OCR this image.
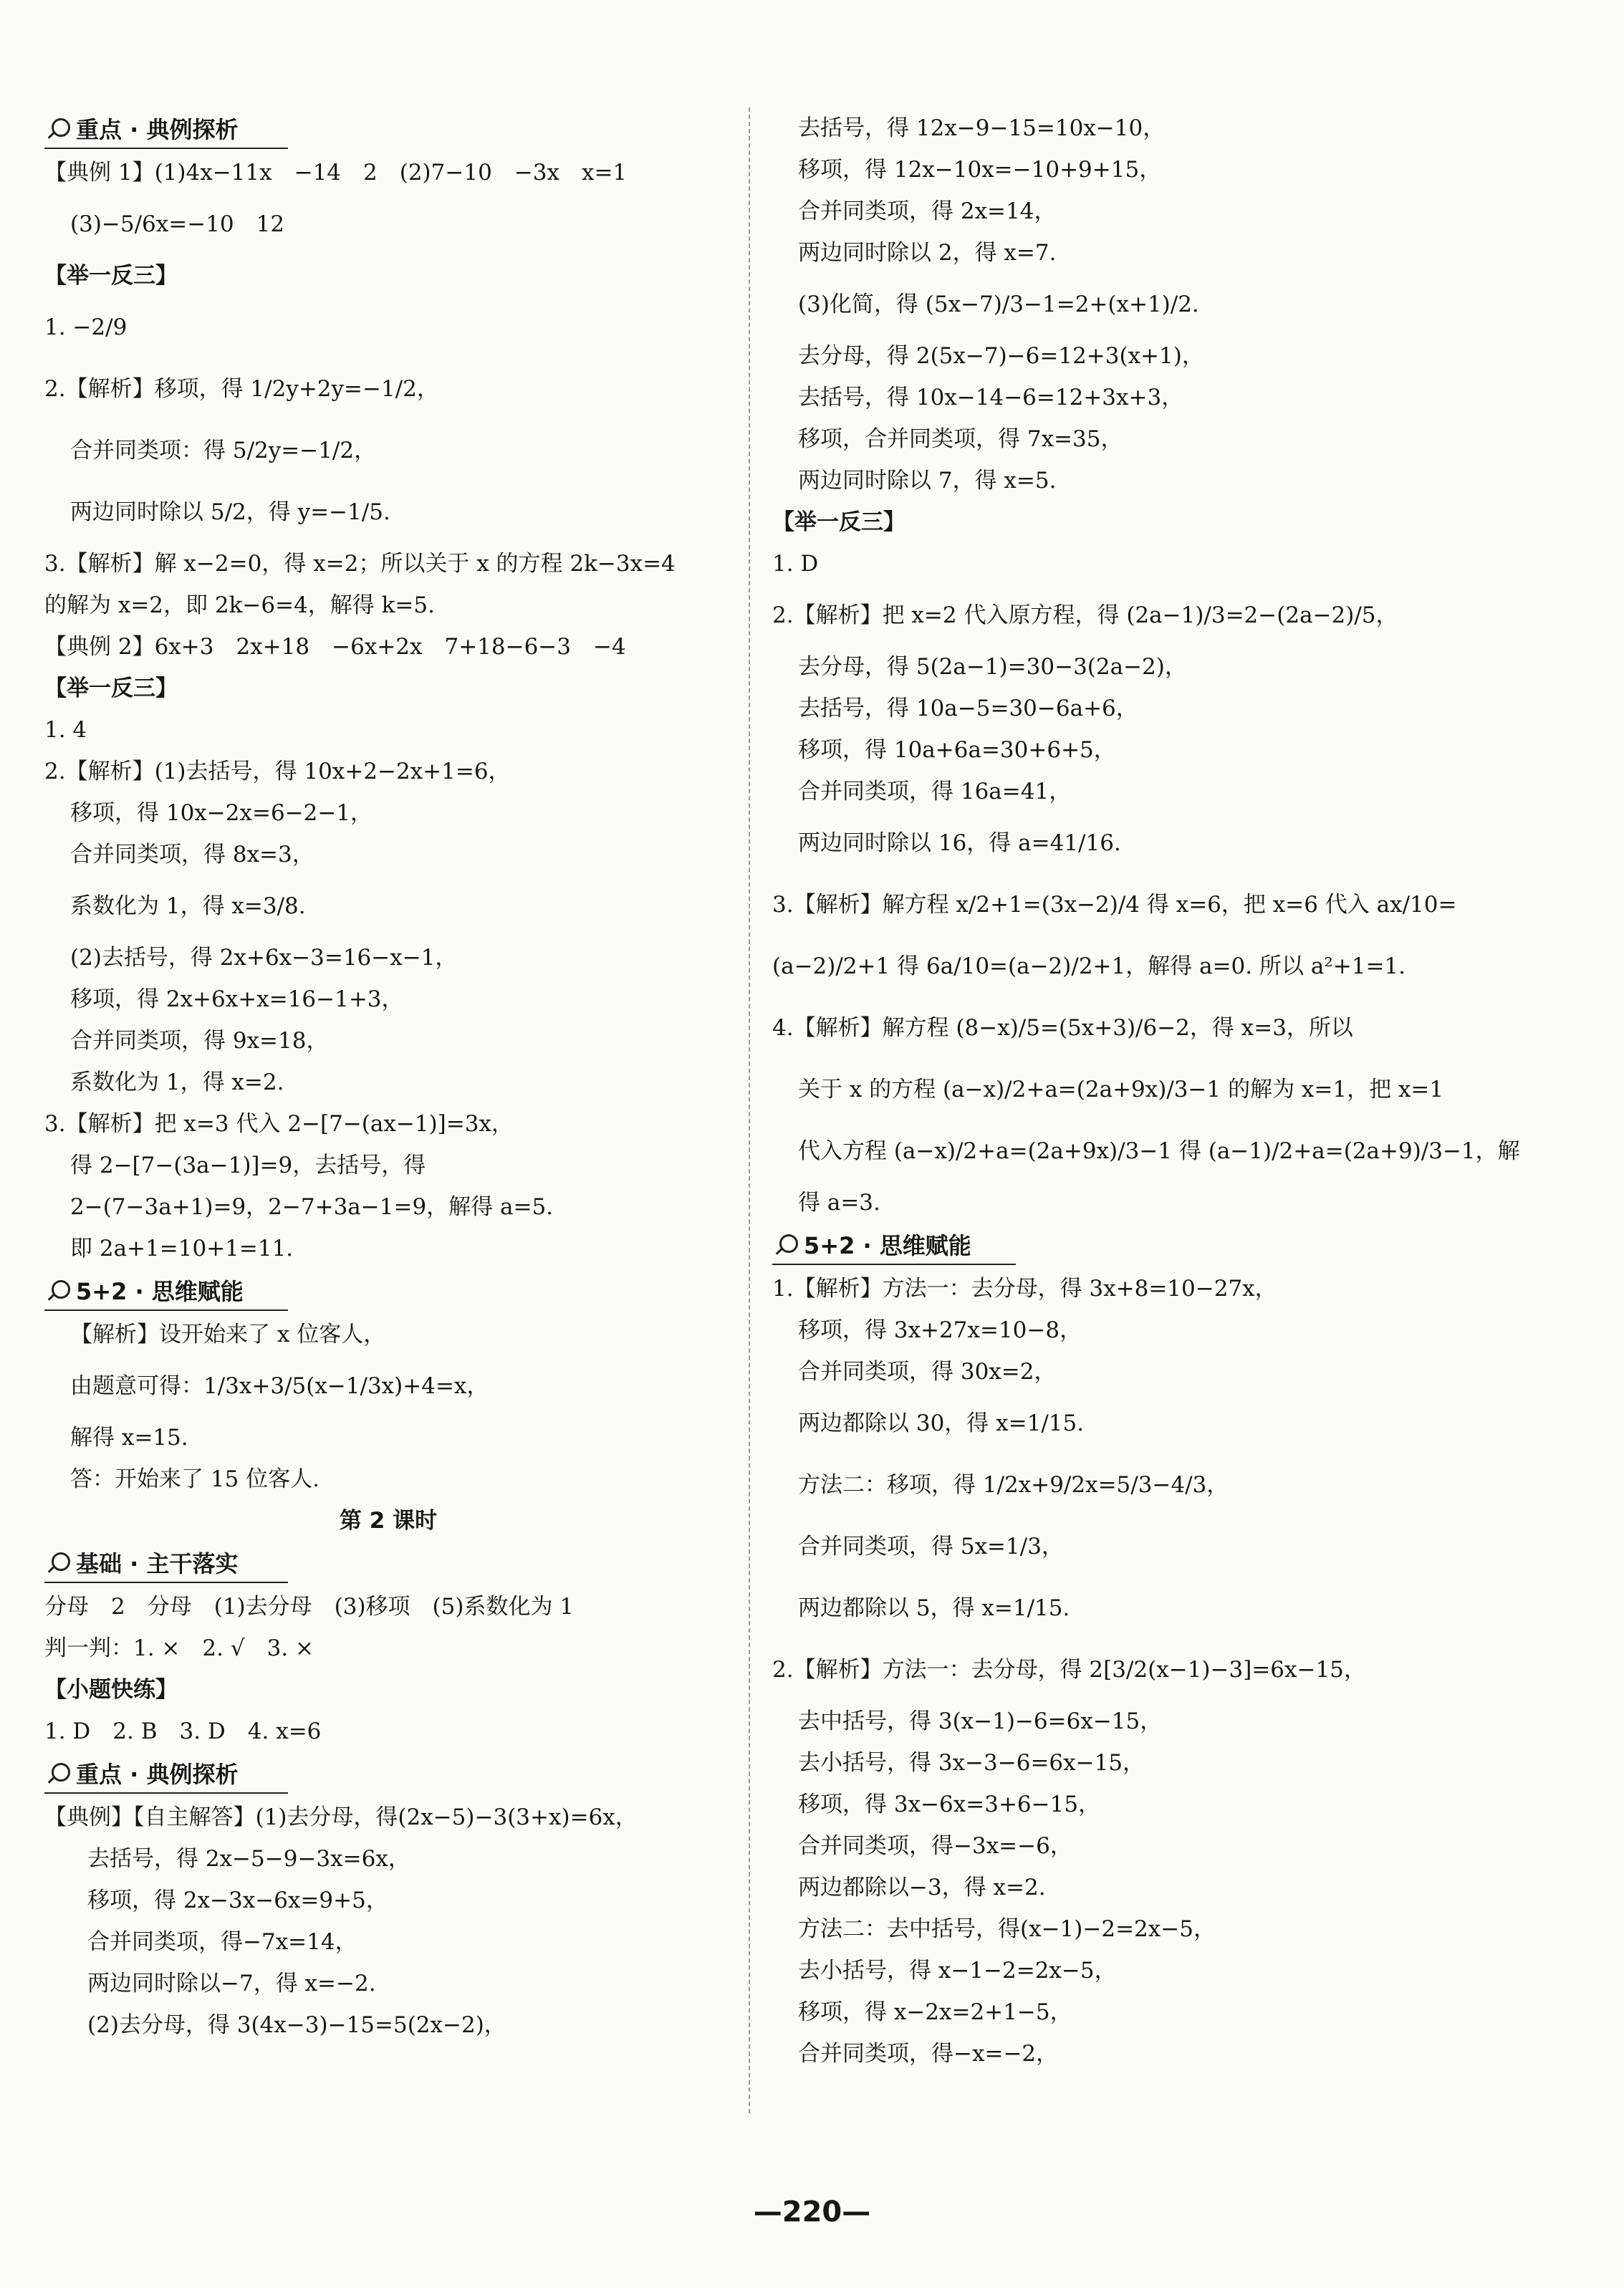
重点 · 典例探析
【典例 1】(1)4x−11x　−14　2　(2)7−10　−3x　x=1
(3)−5/6x=−10　12
【举一反三】
1. −2/9
2.【解析】移项，得 1/2y+2y=−1/2，
合并同类项：得 5/2y=−1/2，
两边同时除以 5/2，得 y=−1/5.
3.【解析】解 x−2=0，得 x=2；所以关于 x 的方程 2k−3x=4
的解为 x=2，即 2k−6=4，解得 k=5.
【典例 2】6x+3　2x+18　−6x+2x　7+18−6−3　−4
【举一反三】
1. 4
2.【解析】(1)去括号，得 10x+2−2x+1=6，
移项，得 10x−2x=6−2−1，
合并同类项，得 8x=3，
系数化为 1，得 x=3/8.
(2)去括号，得 2x+6x−3=16−x−1，
移项，得 2x+6x+x=16−1+3，
合并同类项，得 9x=18，
系数化为 1，得 x=2.
3.【解析】把 x=3 代入 2−[7−(ax−1)]=3x，
得 2−[7−(3a−1)]=9，去括号，得
2−(7−3a+1)=9，2−7+3a−1=9，解得 a=5.
即 2a+1=10+1=11.
5+2 · 思维赋能
【解析】设开始来了 x 位客人，
由题意可得：1/3x+3/5(x−1/3x)+4=x，
解得 x=15.
答：开始来了 15 位客人.
第 2 课时
基础 · 主干落实
分母　2　分母　(1)去分母　(3)移项　(5)系数化为 1
判一判：1. ×　2. √　3. ×
【小题快练】
1. D　2. B　3. D　4. x=6
重点 · 典例探析
【典例】【自主解答】(1)去分母，得(2x−5)−3(3+x)=6x，
去括号，得 2x−5−9−3x=6x，
移项，得 2x−3x−6x=9+5，
合并同类项，得−7x=14，
两边同时除以−7，得 x=−2.
(2)去分母，得 3(4x−3)−15=5(2x−2)，
去括号，得 12x−9−15=10x−10，
移项，得 12x−10x=−10+9+15，
合并同类项，得 2x=14，
两边同时除以 2，得 x=7.
(3)化简，得 (5x−7)/3−1=2+(x+1)/2.
去分母，得 2(5x−7)−6=12+3(x+1)，
去括号，得 10x−14−6=12+3x+3，
移项，合并同类项，得 7x=35，
两边同时除以 7，得 x=5.
【举一反三】
1. D
2.【解析】把 x=2 代入原方程，得 (2a−1)/3=2−(2a−2)/5，
去分母，得 5(2a−1)=30−3(2a−2)，
去括号，得 10a−5=30−6a+6，
移项，得 10a+6a=30+6+5，
合并同类项，得 16a=41，
两边同时除以 16，得 a=41/16.
3.【解析】解方程 x/2+1=(3x−2)/4 得 x=6，把 x=6 代入 ax/10=
(a−2)/2+1 得 6a/10=(a−2)/2+1，解得 a=0. 所以 a²+1=1.
4.【解析】解方程 (8−x)/5=(5x+3)/6−2，得 x=3，所以
关于 x 的方程 (a−x)/2+a=(2a+9x)/3−1 的解为 x=1，把 x=1
代入方程 (a−x)/2+a=(2a+9x)/3−1 得 (a−1)/2+a=(2a+9)/3−1，解
得 a=3.
5+2 · 思维赋能
1.【解析】方法一：去分母，得 3x+8=10−27x，
移项，得 3x+27x=10−8，
合并同类项，得 30x=2，
两边都除以 30，得 x=1/15.
方法二：移项，得 1/2x+9/2x=5/3−4/3，
合并同类项，得 5x=1/3，
两边都除以 5，得 x=1/15.
2.【解析】方法一：去分母，得 2[3/2(x−1)−3]=6x−15，
去中括号，得 3(x−1)−6=6x−15，
去小括号，得 3x−3−6=6x−15，
移项，得 3x−6x=3+6−15，
合并同类项，得−3x=−6，
两边都除以−3，得 x=2.
方法二：去中括号，得(x−1)−2=2x−5，
去小括号，得 x−1−2=2x−5，
移项，得 x−2x=2+1−5，
合并同类项，得−x=−2，
—220—
